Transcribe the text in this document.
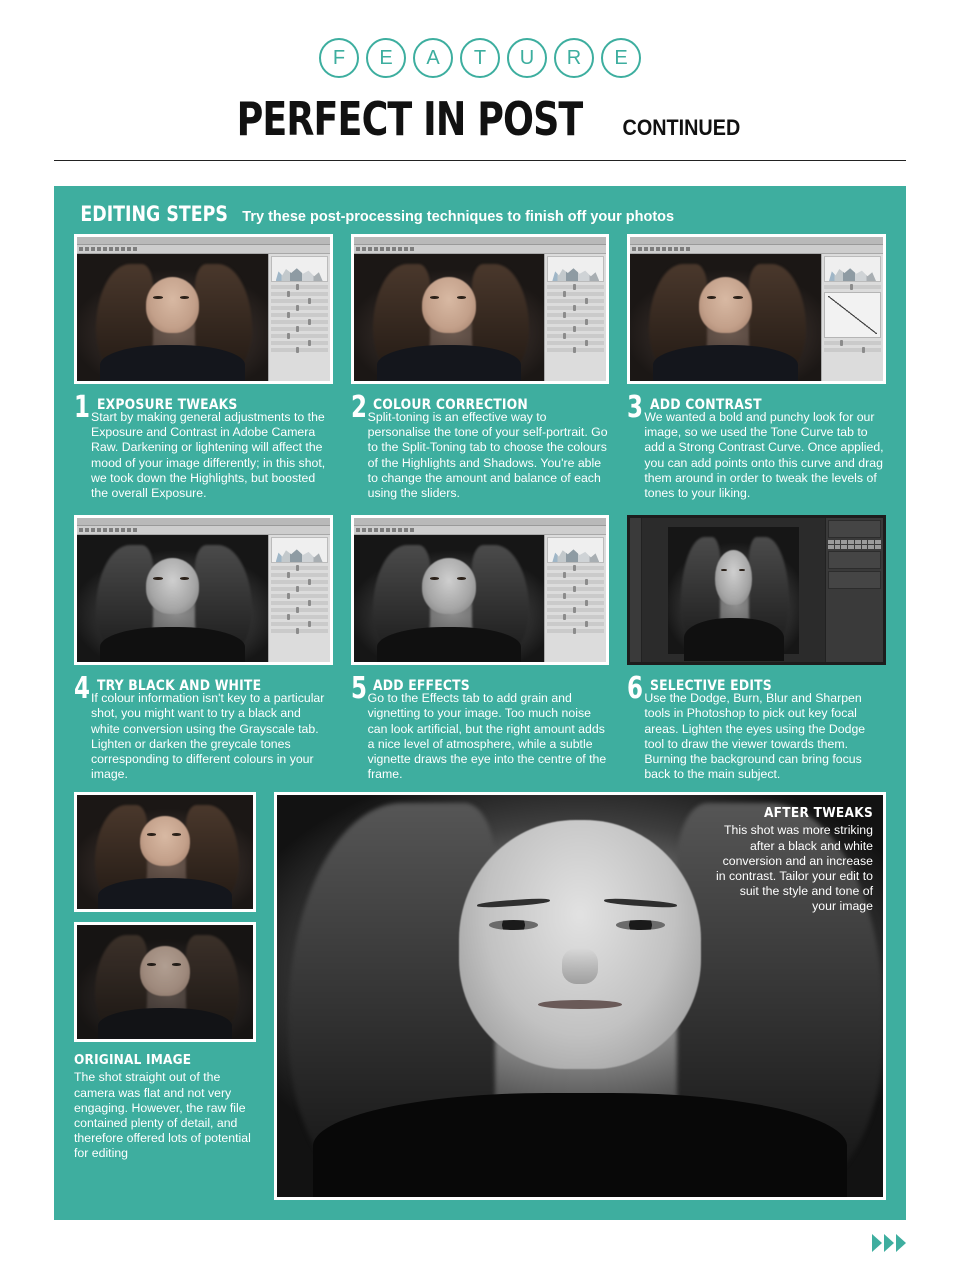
F	E	A	T	U	R	E
PERFECT IN POST CONTINUED
EDITING STEPS Try these post-processing techniques to finish off your photos
1 EXPOSURE TWEAKS
Start by making general adjustments to the Exposure and Contrast in Adobe Camera Raw. Darkening or lightening will affect the mood of your image differently; in this shot, we took down the Highlights, but boosted the overall Exposure.
2 COLOUR CORRECTION
Split-toning is an effective way to personalise the tone of your self-portrait. Go to the Split-Toning tab to choose the colours of the Highlights and Shadows. You're able to change the amount and balance of each using the sliders.
3 ADD CONTRAST
We wanted a bold and punchy look for our image, so we used the Tone Curve tab to add a Strong Contrast Curve. Once applied, you can add points onto this curve and drag them around in order to tweak the levels of tones to your liking.
4 TRY BLACK AND WHITE
If colour information isn't key to a particular shot, you might want to try a black and white conversion using the Grayscale tab. Lighten or darken the greycale tones corresponding to different colours in your image.
5 ADD EFFECTS
Go to the Effects tab to add grain and vignetting to your image. Too much noise can look artificial, but the right amount adds a nice level of atmosphere, while a subtle vignette draws the eye into the centre of the frame.
6 SELECTIVE EDITS
Use the Dodge, Burn, Blur and Sharpen tools in Photoshop to pick out key focal areas. Lighten the eyes using the Dodge tool to draw the viewer towards them. Burning the background can bring focus back to the main subject.
ORIGINAL IMAGE
The shot straight out of the camera was flat and not very engaging. However, the raw file contained plenty of detail, and therefore offered lots of potential for editing
AFTER TWEAKS
This shot was more striking after a black and white conversion and an increase in contrast. Tailor your edit to suit the style and tone of your image
